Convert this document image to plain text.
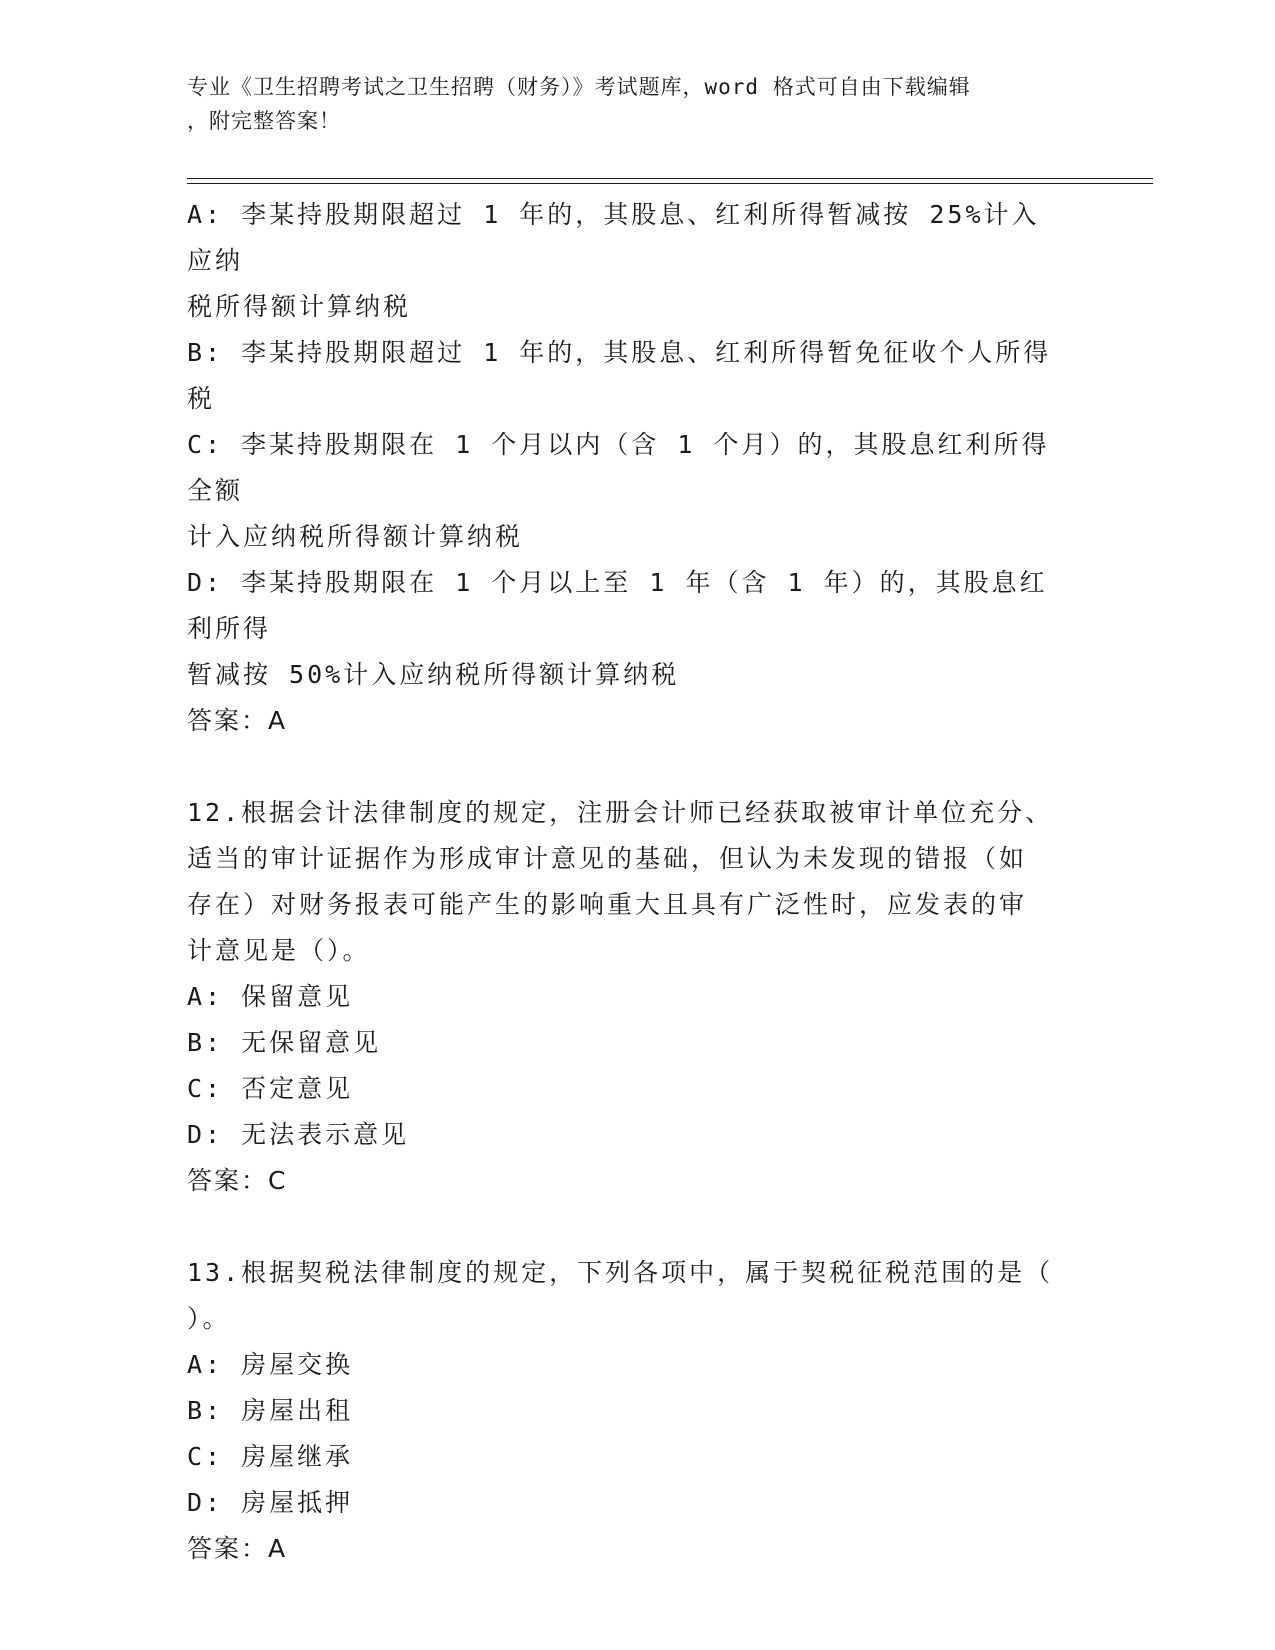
专业《卫生招聘考试之卫生招聘（财务）》考试题库，word 格式可自由下载编辑

，附完整答案！

A: 李某持股期限超过 1 年的，其股息、红利所得暂减按 25%计入应纳

税所得额计算纳税

B: 李某持股期限超过 1 年的，其股息、红利所得暂免征收个人所得税

C: 李某持股期限在 1 个月以内（含 1 个月）的，其股息红利所得全额

计入应纳税所得额计算纳税

D: 李某持股期限在 1 个月以上至 1 年（含 1 年）的，其股息红利所得

暂减按 50%计入应纳税所得额计算纳税

答案：A

12.根据会计法律制度的规定，注册会计师已经获取被审计单位充分、

适当的审计证据作为形成审计意见的基础，但认为未发现的错报（如

存在）对财务报表可能产生的影响重大且具有广泛性时，应发表的审

计意见是（）。

A: 保留意见

B: 无保留意见

C: 否定意见

D: 无法表示意见

答案：C

13.根据契税法律制度的规定，下列各项中，属于契税征税范围的是（

）。

A: 房屋交换

B: 房屋出租

C: 房屋继承

D: 房屋抵押

答案：A
